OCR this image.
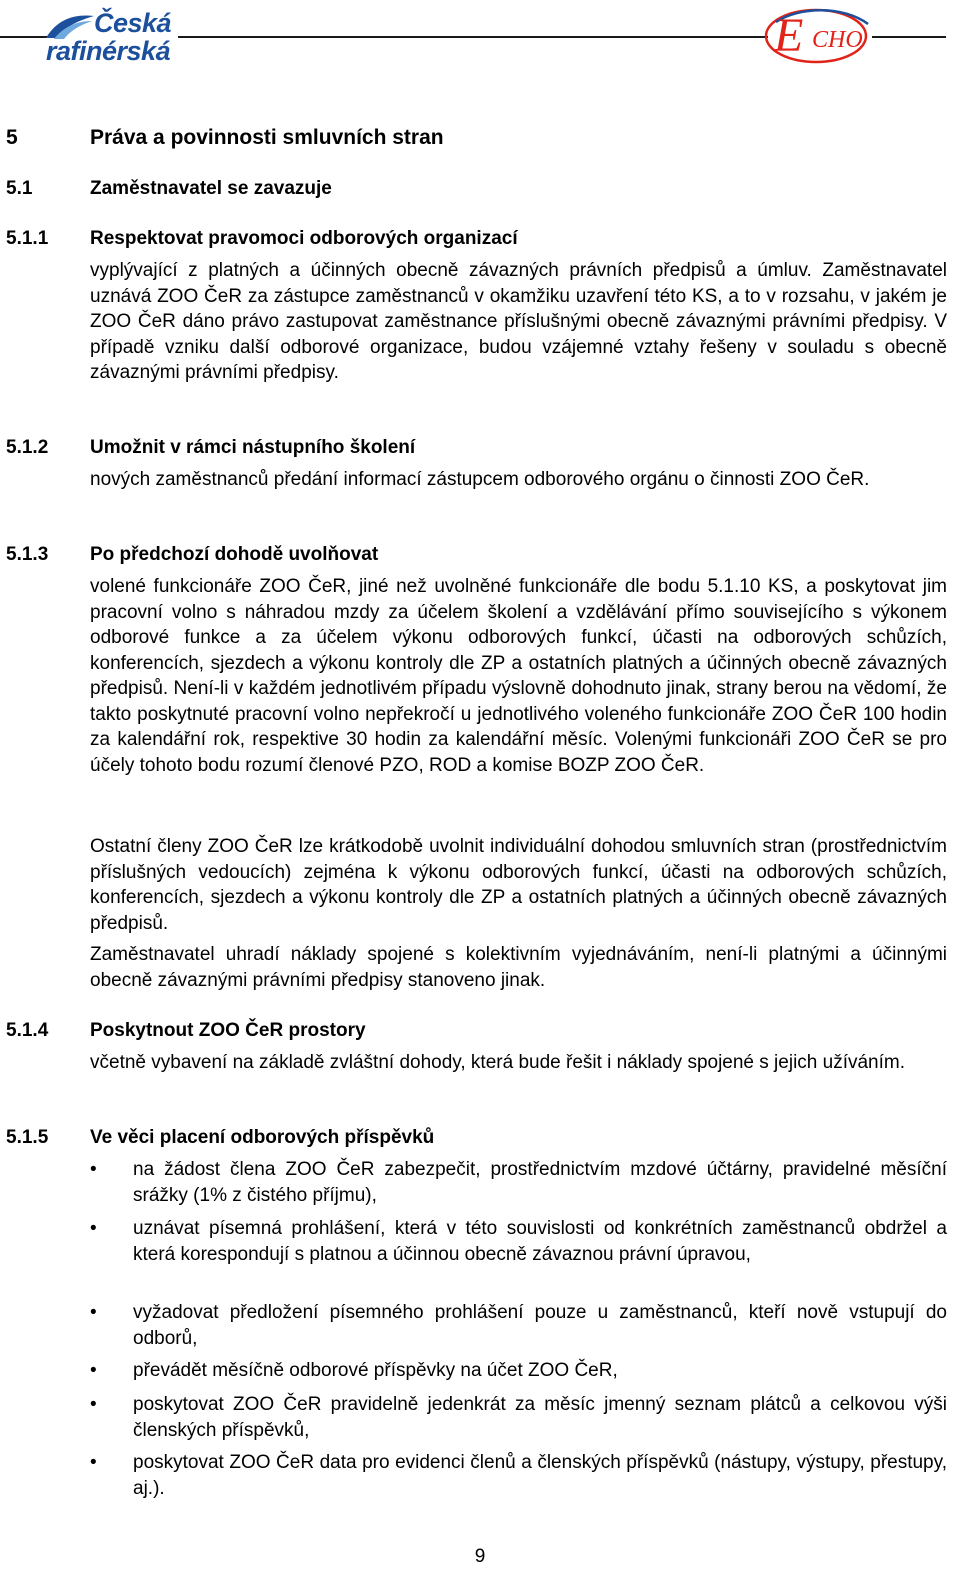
Česká
rafinérská	E CHO
5	Práva a povinnosti smluvních stran
5.1	Zaměstnavatel se zavazuje
5.1.1 Respektovat pravomoci odborových organizací
vyplývající z platných a účinných obecně závazných právních předpisů a úmluv. Zaměstnavatel uznává ZOO ČeR za zástupce zaměstnanců v okamžiku uzavření této KS, a to v rozsahu, v jakém je ZOO ČeR dáno právo zastupovat zaměstnance příslušnými obecně závaznými právními předpisy. V případě vzniku další odborové organizace, budou vzájemné vztahy řešeny v souladu s obecně závaznými právními předpisy.
5.1.2 Umožnit v rámci nástupního školení
nových zaměstnanců předání informací zástupcem odborového orgánu o činnosti ZOO ČeR.
5.1.3 Po předchozí dohodě uvolňovat
volené funkcionáře ZOO ČeR, jiné než uvolněné funkcionáře dle bodu 5.1.10 KS, a poskytovat jim pracovní volno s náhradou mzdy za účelem školení a vzdělávání přímo souvisejícího s výkonem odborové funkce a za účelem výkonu odborových funkcí, účasti na odborových schůzích, konferencích, sjezdech a výkonu kontroly dle ZP a ostatních platných a účinných obecně závazných předpisů. Není-li v každém jednotlivém případu výslovně dohodnuto jinak, strany berou na vědomí, že takto poskytnuté pracovní volno nepřekročí u jednotlivého voleného funkcionáře ZOO ČeR 100 hodin za kalendářní rok, respektive 30 hodin za kalendářní měsíc. Volenými funkcionáři ZOO ČeR se pro účely tohoto bodu rozumí členové PZO, ROD a komise BOZP ZOO ČeR.
Ostatní členy ZOO ČeR lze krátkodobě uvolnit individuální dohodou smluvních stran (prostřednictvím příslušných vedoucích) zejména k výkonu odborových funkcí, účasti na odborových schůzích, konferencích, sjezdech a výkonu kontroly dle ZP a ostatních platných a účinných obecně závazných předpisů.
Zaměstnavatel uhradí náklady spojené s kolektivním vyjednáváním, není-li platnými a účinnými obecně závaznými právními předpisy stanoveno jinak.
5.1.4 Poskytnout ZOO ČeR prostory
včetně vybavení na základě zvláštní dohody, která bude řešit i náklady spojené s jejich užíváním.
5.1.5 Ve věci placení odborových příspěvků
• na žádost člena ZOO ČeR zabezpečit, prostřednictvím mzdové účtárny, pravidelné měsíční srážky (1% z čistého příjmu),
• uznávat písemná prohlášení, která v této souvislosti od konkrétních zaměstnanců obdržel a která korespondují s platnou a účinnou obecně závaznou právní úpravou,
• vyžadovat předložení písemného prohlášení pouze u zaměstnanců, kteří nově vstupují do odborů,
• převádět měsíčně odborové příspěvky na účet ZOO ČeR,
• poskytovat ZOO ČeR pravidelně jedenkrát za měsíc jmenný seznam plátců a celkovou výši členských příspěvků,
• poskytovat ZOO ČeR data pro evidenci členů a členských příspěvků (nástupy, výstupy, přestupy, aj.).
9
